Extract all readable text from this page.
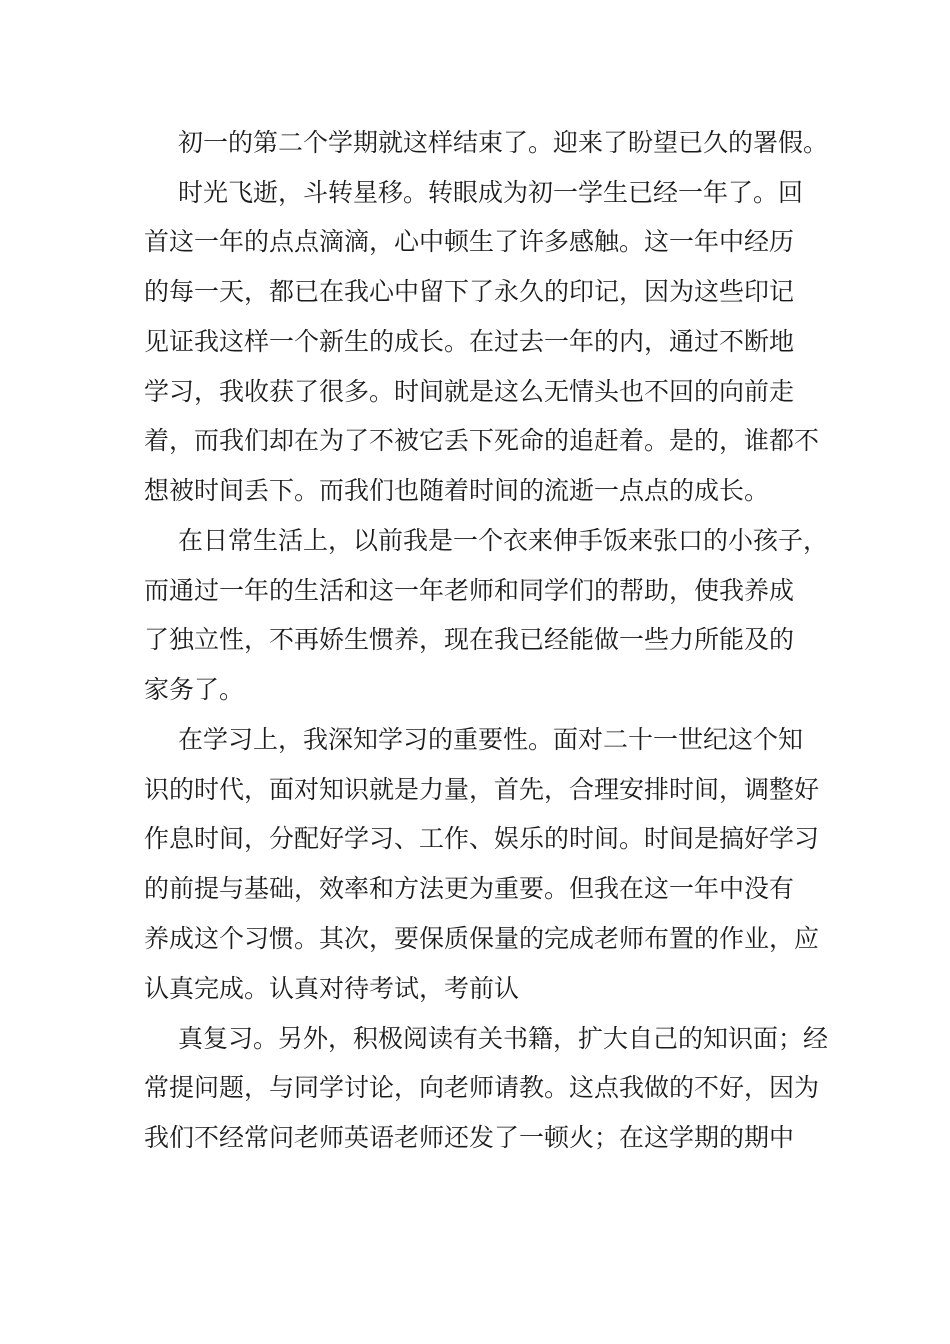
初一的第二个学期就这样结束了。迎来了盼望已久的署假。
时光飞逝，斗转星移。转眼成为初一学生已经一年了。回
首这一年的点点滴滴，心中顿生了许多感触。这一年中经历
的每一天，都已在我心中留下了永久的印记，因为这些印记
见证我这样一个新生的成长。在过去一年的内，通过不断地
学习，我收获了很多。时间就是这么无情头也不回的向前走
着，而我们却在为了不被它丢下死命的追赶着。是的，谁都不
想被时间丢下。而我们也随着时间的流逝一点点的成长。
在日常生活上，以前我是一个衣来伸手饭来张口的小孩子，
而通过一年的生活和这一年老师和同学们的帮助，使我养成
了独立性，不再娇生惯养，现在我已经能做一些力所能及的
家务了。
在学习上，我深知学习的重要性。面对二十一世纪这个知
识的时代，面对知识就是力量，首先，合理安排时间，调整好
作息时间，分配好学习、工作、娱乐的时间。时间是搞好学习
的前提与基础，效率和方法更为重要。但我在这一年中没有
养成这个习惯。其次，要保质保量的完成老师布置的作业，应
认真完成。认真对待考试，考前认
真复习。另外，积极阅读有关书籍，扩大自己的知识面；经
常提问题，与同学讨论，向老师请教。这点我做的不好，因为
我们不经常问老师英语老师还发了一顿火；在这学期的期中
